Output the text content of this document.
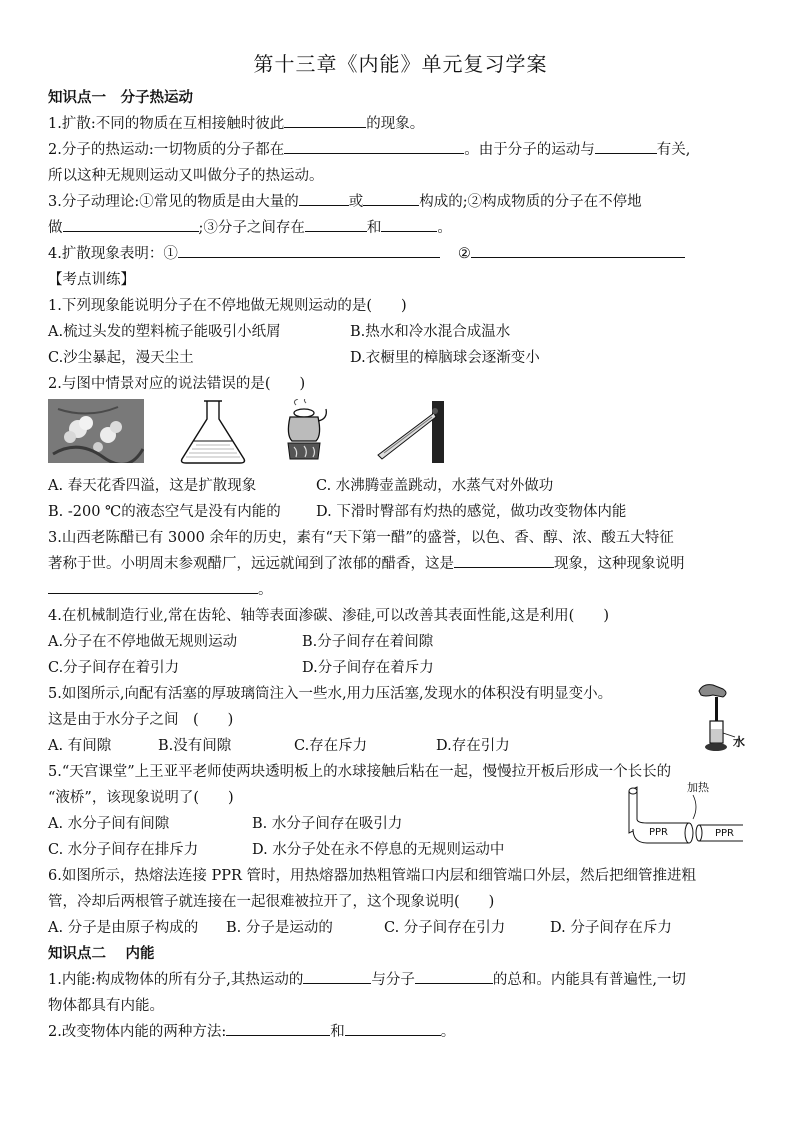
第十三章《内能》单元复习学案
知识点一　分子热运动
1.扩散:不同的物质在互相接触时彼此	的现象。
2.分子的热运动:一切物质的分子都在	。由于分子的运动与	有关,
所以这种无规则运动又叫做分子的热运动。
3.分子动理论:①常见的物质是由大量的	或	构成的;②构成物质的分子在不停地
做	;③分子之间存在	和	。
4.扩散现象表明：①	②
【考点训练】
1.下列现象能说明分子在不停地做无规则运动的是(　　)
A.梳过头发的塑料梳子能吸引小纸屑	B.热水和冷水混合成温水
C.沙尘暴起，漫天尘土	D.衣橱里的樟脑球会逐渐变小
2.与图中情景对应的说法错误的是(　　)
A. 春天花香四溢，这是扩散现象	C. 水沸腾壶盖跳动，水蒸气对外做功
B. -200 ℃的液态空气是没有内能的	D. 下滑时臀部有灼热的感觉，做功改变物体内能
3.山西老陈醋已有 3000 余年的历史，素有“天下第一醋”的盛誉，以色、香、醇、浓、酸五大特征
著称于世。小明周末参观醋厂，远远就闻到了浓郁的醋香，这是	现象，这种现象说明
。
4.在机械制造行业,常在齿轮、轴等表面渗碳、渗硅,可以改善其表面性能,这是利用(　　)
A.分子在不停地做无规则运动	B.分子间存在着间隙
C.分子间存在着引力	D.分子间存在着斥力
5.如图所示,向配有活塞的厚玻璃筒注入一些水,用力压活塞,发现水的体积没有明显变小。
这是由于水分子之间　(　　)
A. 有间隙	B.没有间隙	C.存在斥力	D.存在引力	水
5.“天宫课堂”上王亚平老师使两块透明板上的水球接触后粘在一起，慢慢拉开板后形成一个长长的
“液桥”，该现象说明了(　　)
A. 水分子间有间隙	B. 水分子间存在吸引力
C. 水分子间存在排斥力	D. 水分子处在永不停息的无规则运动中
加热
PPR	PPR
6.如图所示，热熔法连接 PPR 管时，用热熔器加热粗管端口内层和细管端口外层，然后把细管推进粗
管，冷却后两根管子就连接在一起很难被拉开了，这个现象说明(　　)
A. 分子是由原子构成的 B. 分子是运动的	C. 分子间存在引力	D. 分子间存在斥力
知识点二　 内能
1.内能:构成物体的所有分子,其热运动的	与分子	的总和。内能具有普遍性,一切
物体都具有内能。
2.改变物体内能的两种方法:	和	。
